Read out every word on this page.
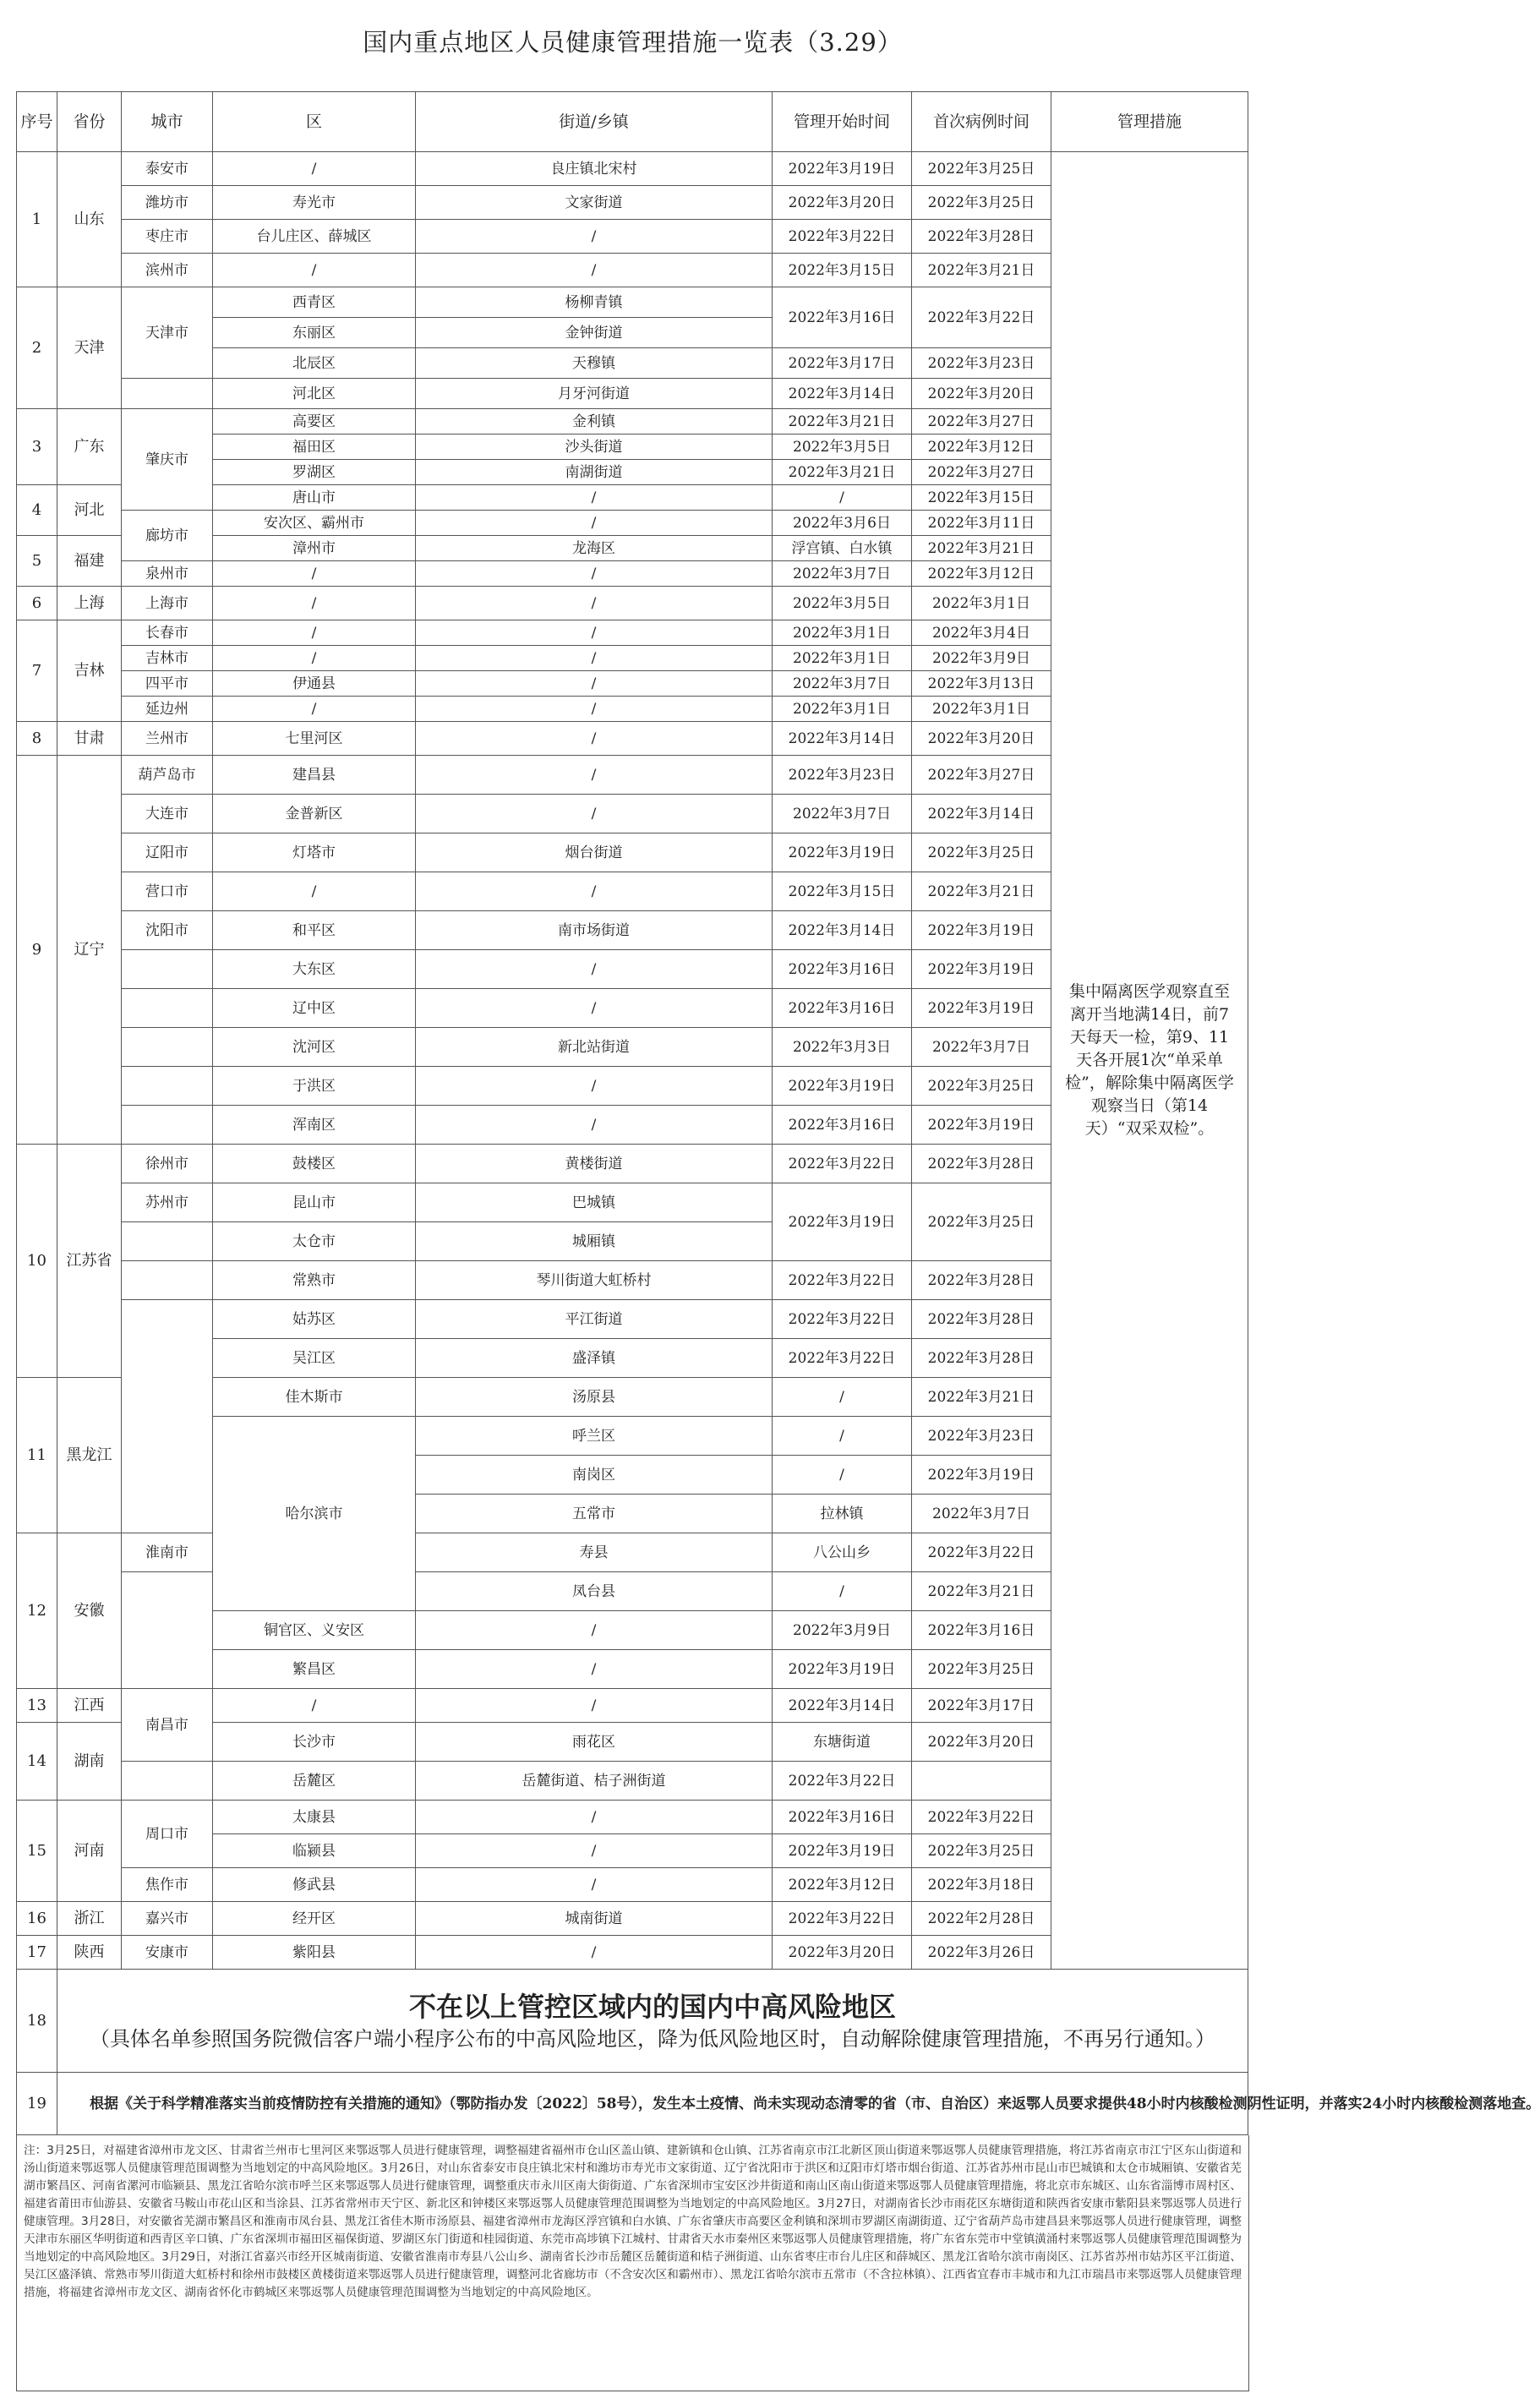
国内重点地区人员健康管理措施一览表（3.29）
序号	省份	城市	区	街道/乡镇	管理开始时间	首次病例时间	管理措施	
1	山东	泰安市	/	良庄镇北宋村	2022年3月19日	2022年3月25日	集中隔离医学观察直至离开当地满14日，前7天每天一检，第9、11天各开展1次“单采单检”，解除集中隔离医学观察当日（第14天）“双采双检”。	
		潍坊市	寿光市	文家街道	2022年3月20日	2022年3月25日		
		枣庄市	台儿庄区、薛城区	/	2022年3月22日	2022年3月28日		
		滨州市	/	/	2022年3月15日	2022年3月21日		
2	天津	天津市	西青区	杨柳青镇	2022年3月16日	2022年3月22日		
			东丽区	金钟街道				
			北辰区	天穆镇	2022年3月17日	2022年3月23日		
			河北区	月牙河街道	2022年3月14日	2022年3月20日		
3	广东	肇庆市	高要区	金利镇	2022年3月21日	2022年3月27日		
			福田区	沙头街道	2022年3月5日	2022年3月12日		
			罗湖区	南湖街道	2022年3月21日	2022年3月27日		
4	河北		唐山市	/	/	2022年3月15日	
		廊坊市	安次区、霸州市	/	2022年3月6日	2022年3月11日		
5	福建		漳州市	龙海区	浮宫镇、白水镇	2022年3月21日	
		泉州市	/	/	2022年3月7日	2022年3月12日		
6	上海	上海市	/	/	2022年3月5日	2022年3月1日		
7	吉林	长春市	/	/	2022年3月1日	2022年3月4日		
		吉林市	/	/	2022年3月1日	2022年3月9日		
		四平市	伊通县	/	2022年3月7日	2022年3月13日		
		延边州	/	/	2022年3月1日	2022年3月1日		
8	甘肃	兰州市	七里河区	/	2022年3月14日	2022年3月20日		
9	辽宁	葫芦岛市	建昌县	/	2022年3月23日	2022年3月27日		
		大连市	金普新区	/	2022年3月7日	2022年3月14日		
		辽阳市	灯塔市	烟台街道	2022年3月19日	2022年3月25日		
		营口市	/	/	2022年3月15日	2022年3月21日		
		沈阳市	和平区	南市场街道	2022年3月14日	2022年3月19日		
			大东区	/	2022年3月16日	2022年3月19日		
			辽中区	/	2022年3月16日	2022年3月19日		
			沈河区	新北站街道	2022年3月3日	2022年3月7日		
			于洪区	/	2022年3月19日	2022年3月25日		
			浑南区	/	2022年3月16日	2022年3月19日		
10	江苏省	徐州市	鼓楼区	黄楼街道	2022年3月22日	2022年3月28日		
		苏州市	昆山市	巴城镇	2022年3月19日	2022年3月25日		
			太仓市	城厢镇				
			常熟市	琴川街道大虹桥村	2022年3月22日	2022年3月28日		
			姑苏区	平江街道	2022年3月22日	2022年3月28日		
			吴江区	盛泽镇	2022年3月22日	2022年3月28日		
11	黑龙江		佳木斯市	汤原县	/	2022年3月21日	
			哈尔滨市	呼兰区	/	2022年3月23日	
				南岗区	/	2022年3月19日	
				五常市	拉林镇	2022年3月7日	
12	安徽	淮南市		寿县	八公山乡	2022年3月22日	
				凤台县	/	2022年3月21日	
			铜官区、义安区	/	2022年3月9日	2022年3月16日		
			繁昌区	/	2022年3月19日	2022年3月25日		
13	江西	南昌市	/	/	2022年3月14日	2022年3月17日		
14	湖南		长沙市	雨花区	东塘街道	2022年3月20日	
			岳麓区	岳麓街道、桔子洲街道	2022年3月22日			
15	河南	周口市	太康县	/	2022年3月16日	2022年3月22日		
			临颍县	/	2022年3月19日	2022年3月25日		
		焦作市	修武县	/	2022年3月12日	2022年3月18日		
16	浙江	嘉兴市	经开区	城南街道	2022年3月22日	2022年2月28日		
17	陕西	安康市	紫阳县	/	2022年3月20日	2022年3月26日		
18	不在以上管控区域内的国内中高风险地区
（具体名单参照国务院微信客户端小程序公布的中高风险地区，降为低风险地区时，自动解除健康管理措施，不再另行通知。）							

19	根据《关于科学精准落实当前疫情防控有关措施的通知》（鄂防指办发〔2022〕58号），发生本土疫情、尚未实现动态清零的省（市、自治区）来返鄂人员要求提供48小时内核酸检测阴性证明，并落实24小时内核酸检测落地查。							
注：3月25日，对福建省漳州市龙文区、甘肃省兰州市七里河区来鄂返鄂人员进行健康管理，调整福建省福州市仓山区盖山镇、建新镇和仓山镇、江苏省南京市江北新区顶山街道来鄂返鄂人员健康管理措施，将江苏省南京市江宁区东山街道和汤山街道来鄂返鄂人员健康管理范围调整为当地划定的中高风险地区。3月26日，对山东省泰安市良庄镇北宋村和潍坊市寿光市文家街道、辽宁省沈阳市于洪区和辽阳市灯塔市烟台街道、江苏省苏州市昆山市巴城镇和太仓市城厢镇、安徽省芜湖市繁昌区、河南省漯河市临颍县、黑龙江省哈尔滨市呼兰区来鄂返鄂人员进行健康管理，调整重庆市永川区南大街街道、广东省深圳市宝安区沙井街道和南山区南山街道来鄂返鄂人员健康管理措施，将北京市东城区、山东省淄博市周村区、福建省莆田市仙游县、安徽省马鞍山市花山区和当涂县、江苏省常州市天宁区、新北区和钟楼区来鄂返鄂人员健康管理范围调整为当地划定的中高风险地区。3月27日，对湖南省长沙市雨花区东塘街道和陕西省安康市紫阳县来鄂返鄂人员进行健康管理。3月28日，对安徽省芜湖市繁昌区和淮南市凤台县、黑龙江省佳木斯市汤原县、福建省漳州市龙海区浮宫镇和白水镇、广东省肇庆市高要区金利镇和深圳市罗湖区南湖街道、辽宁省葫芦岛市建昌县来鄂返鄂人员进行健康管理，调整天津市东丽区华明街道和西青区辛口镇、广东省深圳市福田区福保街道、罗湖区东门街道和桂园街道、东莞市高埗镇下江城村、甘肃省天水市秦州区来鄂返鄂人员健康管理措施，将广东省东莞市中堂镇潢涌村来鄂返鄂人员健康管理范围调整为当地划定的中高风险地区。3月29日，对浙江省嘉兴市经开区城南街道、安徽省淮南市寿县八公山乡、湖南省长沙市岳麓区岳麓街道和桔子洲街道、山东省枣庄市台儿庄区和薛城区、黑龙江省哈尔滨市南岗区、江苏省苏州市姑苏区平江街道、吴江区盛泽镇、常熟市琴川街道大虹桥村和徐州市鼓楼区黄楼街道来鄂返鄂人员进行健康管理，调整河北省廊坊市（不含安次区和霸州市）、黑龙江省哈尔滨市五常市（不含拉林镇）、江西省宜春市丰城市和九江市瑞昌市来鄂返鄂人员健康管理措施，将福建省漳州市龙文区、湖南省怀化市鹤城区来鄂返鄂人员健康管理范围调整为当地划定的中高风险地区。
